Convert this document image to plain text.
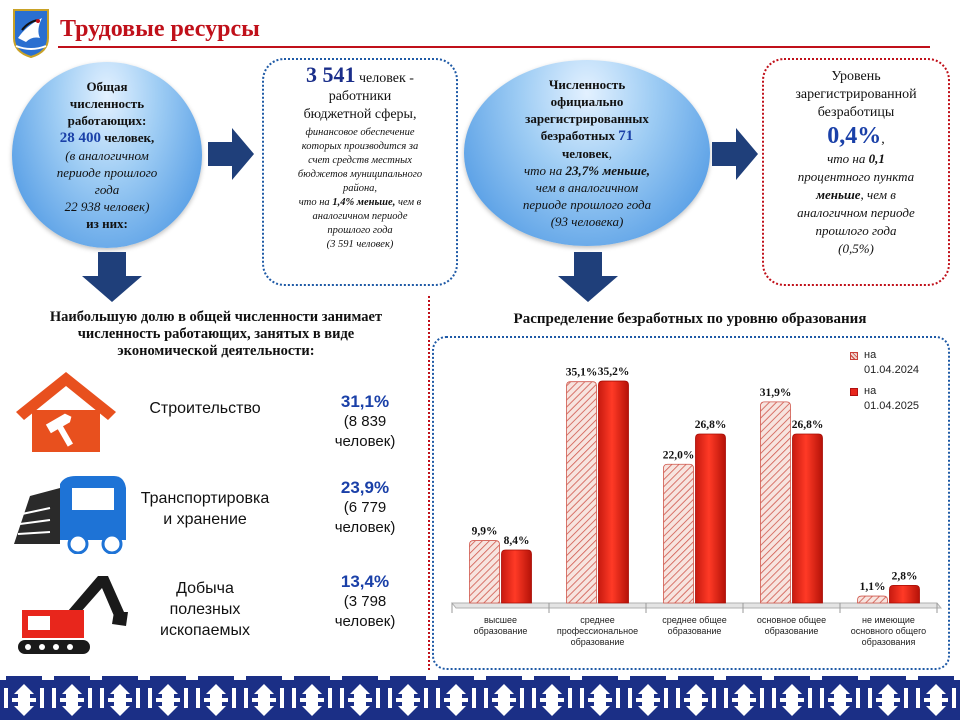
Трудовые ресурсы
Общая
численность
работающих:
28 400 человек,
(в аналогичном
периоде прошлого
года
22 938 человек)
из них:
3 541 человек -
работники
бюджетной сферы,
финансовое обеспечение
которых производится за
счет средств местных
бюджетов муниципального
района,
что на 1,4% меньше, чем в
аналогичном периоде
прошлого года
(3 591 человек)
Численность
официально
зарегистрированных
безработных 71
человек,
что на 23,7% меньше,
чем в аналогичном
периоде прошлого года
(93 человека)
Уровень
зарегистрированной
безработицы
0,4%,
что на 0,1
процентного пункта
меньше, чем в
аналогичном периоде
прошлого года
(0,5%)
Наибольшую долю в общей численности занимает
численность работающих, занятых в виде
экономической деятельности:
Строительство	31,1%
(8 839
человек)
Транспортировка
и хранение
23,9%
(6 779
человек)
Добыча
полезных
ископаемых
13,4%
(3 798
человек)
Распределение безработных по уровню образования
9,9%
8,4%
высшее
образование
35,1% 35,2%
среднее
профессиональное
образование
22,0%
26,8%
среднее общее
образование
31,9%
26,8%
основное общее
образование
1,1%
2,8%
не имеющие
основного общего
образования
на
01.04.2024
на
01.04.2025
